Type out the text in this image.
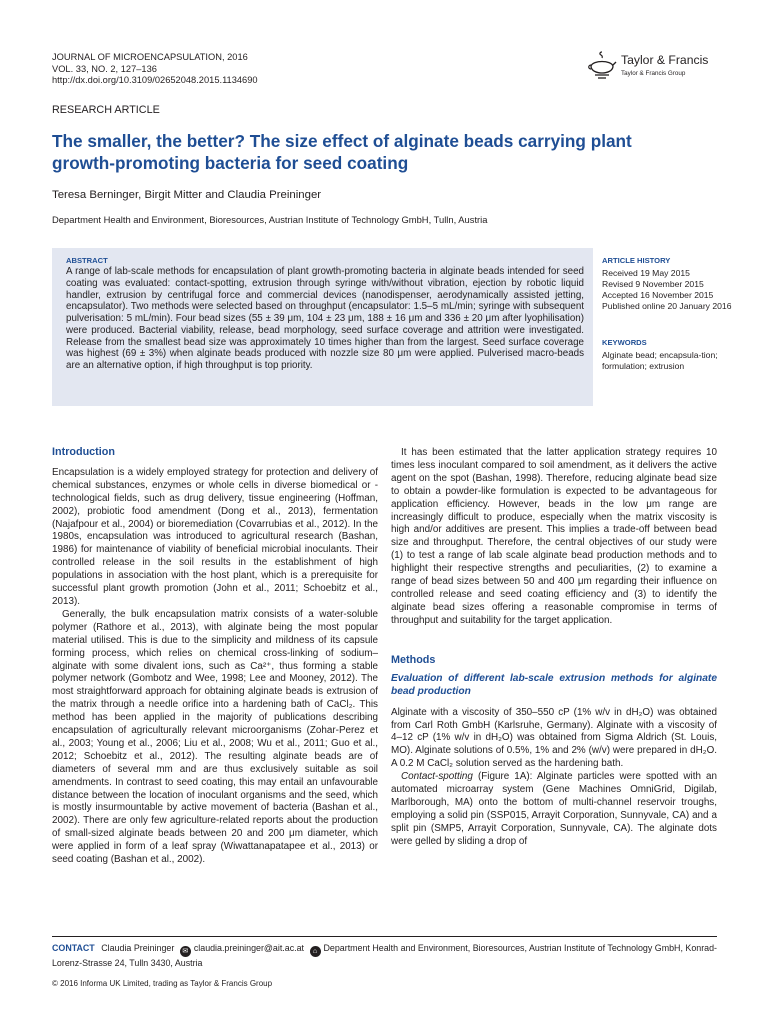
JOURNAL OF MICROENCAPSULATION, 2016
VOL. 33, NO. 2, 127–136
http://dx.doi.org/10.3109/02652048.2015.1134690
Taylor & Francis
Taylor & Francis Group
RESEARCH ARTICLE
The smaller, the better? The size effect of alginate beads carrying plant growth-promoting bacteria for seed coating
Teresa Berninger, Birgit Mitter and Claudia Preininger
Department Health and Environment, Bioresources, Austrian Institute of Technology GmbH, Tulln, Austria
ABSTRACT
A range of lab-scale methods for encapsulation of plant growth-promoting bacteria in alginate beads intended for seed coating was evaluated: contact-spotting, extrusion through syringe with/without vibration, ejection by robotic liquid handler, extrusion by centrifugal force and commercial devices (nanodispenser, aerodynamically assisted jetting, encapsulator). Two methods were selected based on throughput (encapsulator: 1.5–5 mL/min; syringe with subsequent pulverisation: 5 mL/min). Four bead sizes (55 ± 39 μm, 104 ± 23 μm, 188 ± 16 μm and 336 ± 20 μm after lyophilisation) were produced. Bacterial viability, release, bead morphology, seed surface coverage and attrition were investigated. Release from the smallest bead size was approximately 10 times higher than from the largest. Seed surface coverage was highest (69 ± 3%) when alginate beads produced with nozzle size 80 μm were applied. Pulverised macro-beads are an alternative option, if high throughput is top priority.
ARTICLE HISTORY
Received 19 May 2015
Revised 9 November 2015
Accepted 16 November 2015
Published online 20 January 2016
KEYWORDS
Alginate bead; encapsula-tion; formulation; extrusion
Introduction

Encapsulation is a widely employed strategy for protection and delivery of chemical substances, enzymes or whole cells in diverse biomedical or -technological fields, such as drug delivery, tissue engineering (Hoffman, 2002), probiotic food amendment (Dong et al., 2013), fermentation (Najafpour et al., 2004) or bioremediation (Covarrubias et al., 2012). In the 1980s, encapsulation was introduced to agricultural research (Bashan, 1986) for maintenance of viability of beneficial microbial inoculants. Their controlled release in the soil results in the establishment of high populations in association with the host plant, which is a prerequisite for successful plant growth promotion (John et al., 2011; Schoebitz et al., 2013).

Generally, the bulk encapsulation matrix consists of a water-soluble polymer (Rathore et al., 2013), with alginate being the most popular material utilised. This is due to the simplicity and mildness of its capsule forming process, which relies on chemical cross-linking of sodium–alginate with some divalent ions, such as Ca²⁺, thus forming a stable polymer network (Gombotz and Wee, 1998; Lee and Mooney, 2012). The most straightforward approach for obtaining alginate beads is extrusion of the matrix through a needle orifice into a hardening bath of CaCl₂. This method has been applied in the majority of publications describing encapsulation of agriculturally relevant microorganisms (Zohar-Perez et al., 2003; Young et al., 2006; Liu et al., 2008; Wu et al., 2011; Guo et al., 2012; Schoebitz et al., 2012). The resulting alginate beads are of diameters of several mm and are thus exclusively suitable as soil amendments. In contrast to seed coating, this may entail an unfavourable distance between the location of inoculant organisms and the seed, which is mostly insurmountable by active movement of bacteria (Bashan et al., 2002). There are only few agriculture-related reports about the production of small-sized alginate beads between 20 and 200 μm diameter, which were applied in form of a leaf spray (Wiwattanapatapee et al., 2013) or seed coating (Bashan et al., 2002).

It has been estimated that the latter application strategy requires 10 times less inoculant compared to soil amendment, as it delivers the active agent on the spot (Bashan, 1998). Therefore, reducing alginate bead size to obtain a powder-like formulation is expected to be advantageous for application efficiency. However, beads in the low μm range are increasingly difficult to produce, especially when the matrix viscosity is high and/or additives are present. This implies a trade-off between bead size and throughput. Therefore, the central objectives of our study were (1) to test a range of lab scale alginate bead production methods and to highlight their respective strengths and peculiarities, (2) to examine a range of bead sizes between 50 and 400 μm regarding their influence on controlled release and seed coating efficiency and (3) to identify the alginate bead sizes offering a reasonable compromise in terms of throughput and suitability for the target application.

Methods
Evaluation of different lab-scale extrusion methods for alginate bead production

Alginate with a viscosity of 350–550 cP (1% w/v in dH₂O) was obtained from Carl Roth GmbH (Karlsruhe, Germany). Alginate with a viscosity of 4–12 cP (1% w/v in dH₂O) was obtained from Sigma Aldrich (St. Louis, MO). Alginate solutions of 0.5%, 1% and 2% (w/v) were prepared in dH₂O. A 0.2 M CaCl₂ solution served as the hardening bath.

Contact-spotting (Figure 1A): Alginate particles were spotted with an automated microarray system (Gene Machines OmniGrid, Digilab, Marlborough, MA) onto the bottom of multi-channel reservoir troughs, employing a solid pin (SSP015, Arrayit Corporation, Sunnyvale, CA) and a split pin (SMP5, Arrayit Corporation, Sunnyvale, CA). The alginate dots were gelled by sliding a drop of

CONTACT Claudia Preininger ✉ claudia.preininger@ait.ac.at ⌂ Department Health and Environment, Bioresources, Austrian Institute of Technology GmbH, Konrad-Lorenz-Strasse 24, Tulln 3430, Austria
© 2016 Informa UK Limited, trading as Taylor & Francis Group
